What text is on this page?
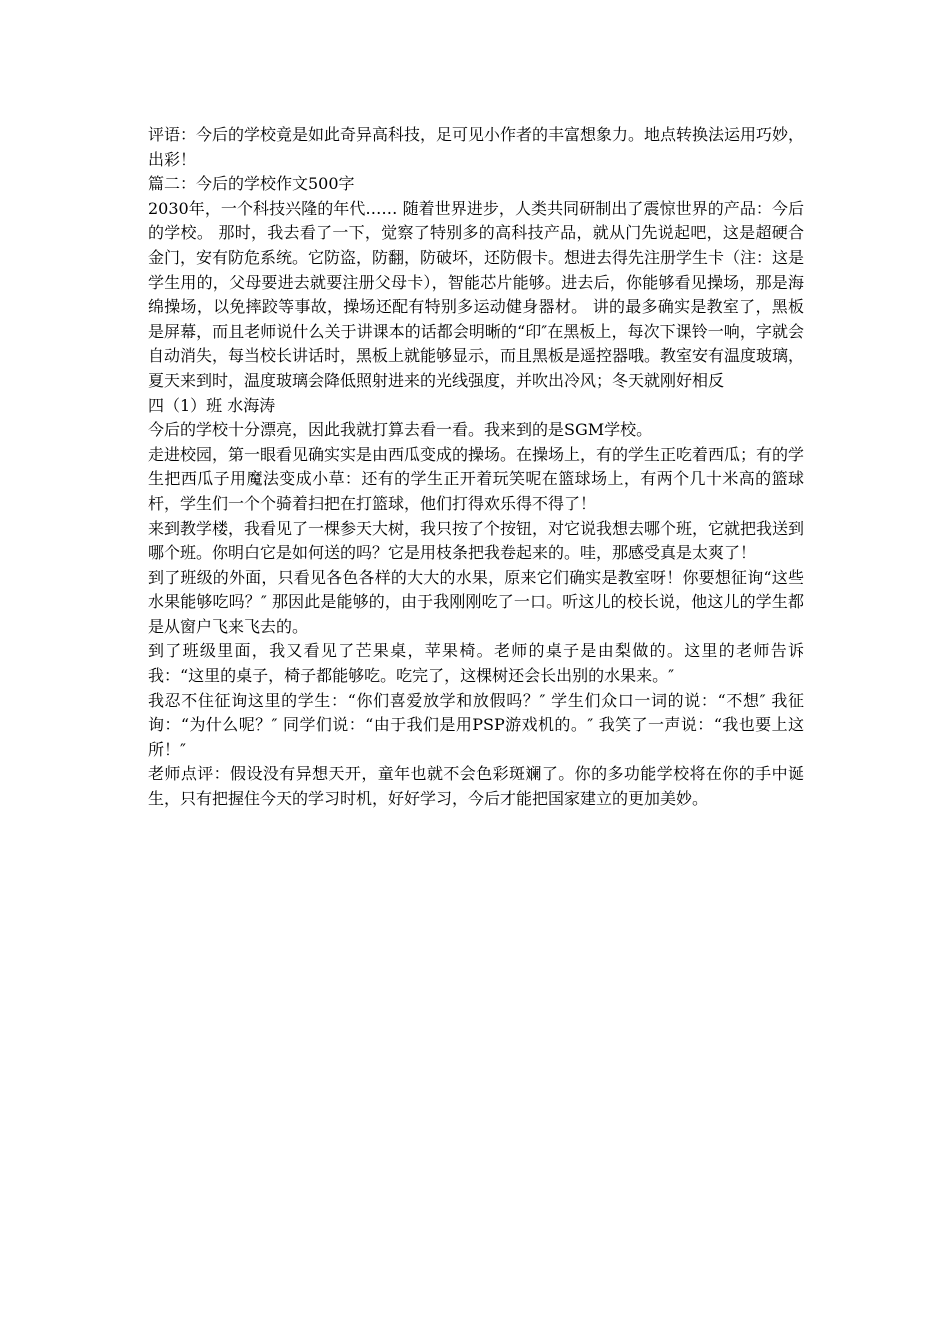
评语：今后的学校竟是如此奇异高科技，足可见小作者的丰富想象力。地点转换法运用巧妙，出彩！

篇二：今后的学校作文500字

2030年，一个科技兴隆的年代…… 随着世界进步，人类共同研制出了震惊世界的产品：今后的学校。 那时，我去看了一下，觉察了特别多的高科技产品，就从门先说起吧，这是超硬合金门，安有防危系统。它防盗，防翻，防破坏，还防假卡。想进去得先注册学生卡（注：这是学生用的，父母要进去就要注册父母卡），智能芯片能够。进去后，你能够看见操场，那是海绵操场，以免摔跤等事故，操场还配有特别多运动健身器材。 讲的最多确实是教室了，黑板是屏幕，而且老师说什么关于讲课本的话都会明晰的“印″在黑板上，每次下课铃一响，字就会自动消失，每当校长讲话时，黑板上就能够显示，而且黑板是遥控器哦。教室安有温度玻璃，夏天来到时，温度玻璃会降低照射进来的光线强度，并吹出冷风；冬天就刚好相反

四（1）班 水海涛

今后的学校十分漂亮，因此我就打算去看一看。我来到的是SGM学校。

走进校园，第一眼看见确实实是由西瓜变成的操场。在操场上，有的学生正吃着西瓜；有的学生把西瓜子用魔法变成小草：还有的学生正开着玩笑呢在篮球场上，有两个几十米高的篮球杆，学生们一个个骑着扫把在打篮球，他们打得欢乐得不得了！

来到教学楼，我看见了一棵参天大树，我只按了个按钮，对它说我想去哪个班，它就把我送到哪个班。你明白它是如何送的吗？它是用枝条把我卷起来的。哇，那感受真是太爽了！

到了班级的外面，只看见各色各样的大大的水果，原来它们确实是教室呀！你要想征询“这些水果能够吃吗？″ 那因此是能够的，由于我刚刚吃了一口。听这儿的校长说，他这儿的学生都是从窗户飞来飞去的。

到了班级里面，我又看见了芒果桌，苹果椅。老师的桌子是由梨做的。这里的老师告诉我：“这里的桌子，椅子都能够吃。吃完了，这棵树还会长出别的水果来。″

我忍不住征询这里的学生：“你们喜爱放学和放假吗？″ 学生们众口一词的说：“不想″ 我征询：“为什么呢？″ 同学们说：“由于我们是用PSP游戏机的。″ 我笑了一声说：“我也要上这所！″

老师点评：假设没有异想天开，童年也就不会色彩斑斓了。你的多功能学校将在你的手中诞生，只有把握住今天的学习时机，好好学习，今后才能把国家建立的更加美妙。
